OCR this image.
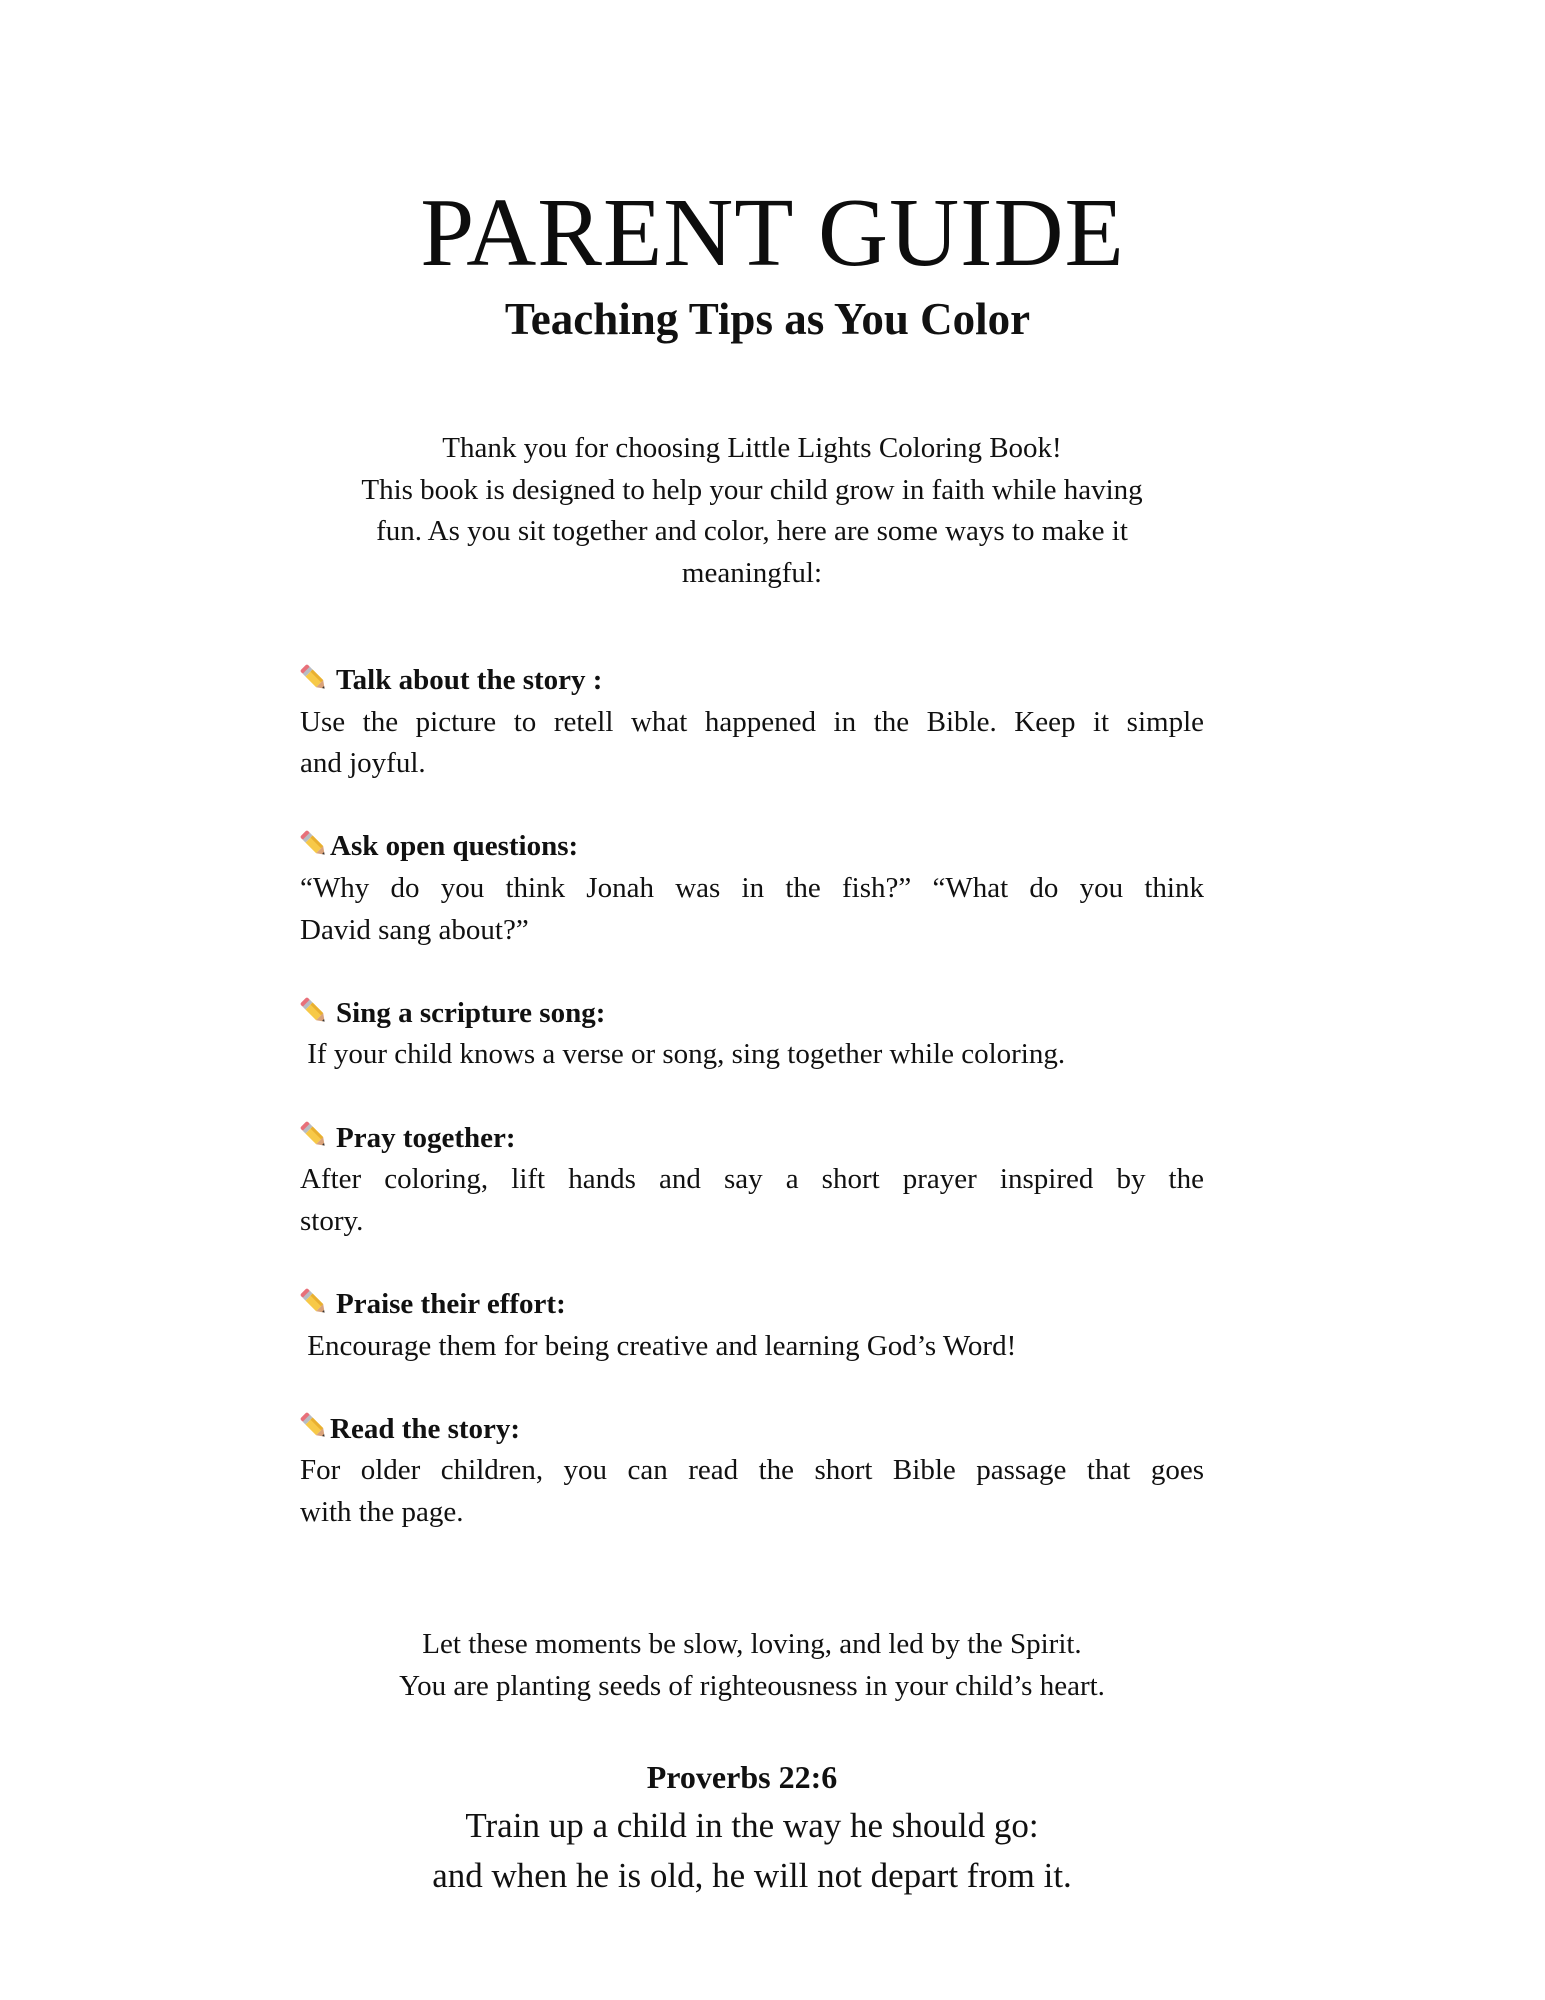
PARENT GUIDE
Teaching Tips as You Color
Thank you for choosing Little Lights Coloring Book!
This book is designed to help your child grow in faith while having
fun. As you sit together and color, here are some ways to make it
meaningful:
Talk about the story :
Use the picture to retell what happened in the Bible. Keep it simple
and joyful.
Ask open questions:
“Why do you think Jonah was in the fish?” “What do you think
David sang about?”
Sing a scripture song:
If your child knows a verse or song, sing together while coloring.
Pray together:
After coloring, lift hands and say a short prayer inspired by the
story.
Praise their effort:
Encourage them for being creative and learning God’s Word!
Read the story:
For older children, you can read the short Bible passage that goes
with the page.
Let these moments be slow, loving, and led by the Spirit.
You are planting seeds of righteousness in your child’s heart.
Proverbs 22:6
Train up a child in the way he should go:
and when he is old, he will not depart from it.
